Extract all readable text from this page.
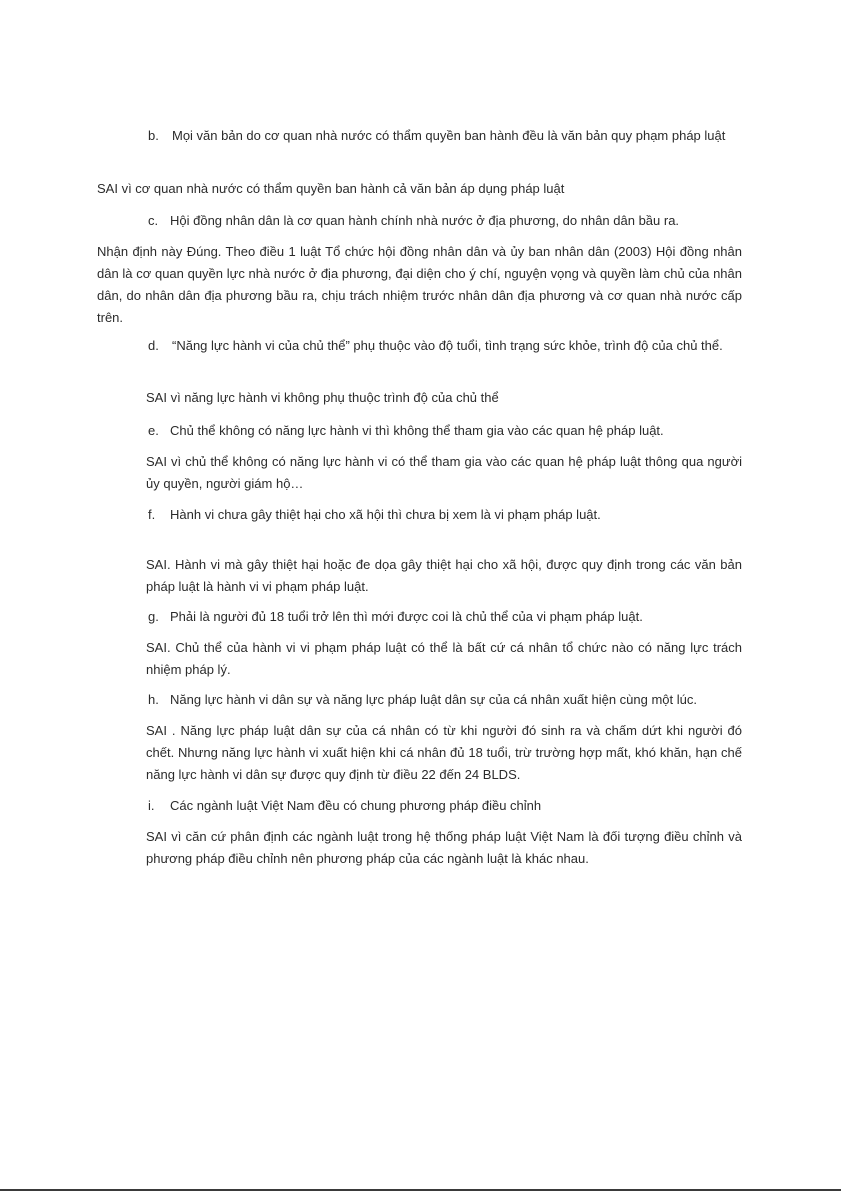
b.	Mọi văn bản do cơ quan nhà nước có thẩm quyền ban hành đều là văn bản quy phạm pháp luật
SAI vì cơ quan nhà nước có thẩm quyền ban hành cả văn bản áp dụng pháp luật
c. Hội đồng nhân dân là cơ quan hành chính nhà nước ở địa phương, do nhân dân bầu ra.
Nhận định này Đúng. Theo điều 1 luật Tổ chức hội đồng nhân dân và ủy ban nhân dân (2003) Hội đồng nhân dân là cơ quan quyền lực nhà nước ở địa phương, đại diện cho ý chí, nguyện vọng và quyền làm chủ của nhân dân, do nhân dân địa phương bầu ra, chịu trách nhiệm trước nhân dân địa phương và cơ quan nhà nước cấp trên.
d.	“Năng lực hành vi của chủ thể” phụ thuộc vào độ tuổi, tình trạng sức khỏe, trình độ của chủ thể.
SAI vì năng lực hành vi không phụ thuộc trình độ của chủ thể
e. Chủ thể không có năng lực hành vi thì không thể tham gia vào các quan hệ pháp luật.
SAI vì chủ thể không có năng lực hành vi có thể tham gia vào các quan hệ pháp luật thông qua người ủy quyền, người giám hộ…
f.	Hành vi chưa gây thiệt hại cho xã hội thì chưa bị xem là vi phạm pháp luật.
SAI. Hành vi mà gây thiệt hại hoặc đe dọa gây thiệt hại cho xã hội, được quy định trong các văn bản pháp luật là hành vi vi phạm pháp luật.
g. Phải là người đủ 18 tuổi trở lên thì mới được coi là chủ thể của vi phạm pháp luật.
SAI. Chủ thể của hành vi vi phạm pháp luật có thể là bất cứ cá nhân tổ chức nào có năng lực trách nhiệm pháp lý.
h. Năng lực hành vi dân sự và năng lực pháp luật dân sự của cá nhân xuất hiện cùng một lúc.
SAI . Năng lực pháp luật dân sự của cá nhân có từ khi người đó sinh ra và chấm dứt khi người đó chết. Nhưng năng lực hành vi xuất hiện khi cá nhân đủ 18 tuổi, trừ trường hợp mất, khó khăn, hạn chế năng lực hành vi dân sự được quy định từ điều 22 đến 24 BLDS.
i.	Các ngành luật Việt Nam đều có chung phương pháp điều chỉnh
SAI vì căn cứ phân định các ngành luật trong hệ thống pháp luật Việt Nam là đối tượng điều chỉnh và phương pháp điều chỉnh nên phương pháp của các ngành luật là khác nhau.
